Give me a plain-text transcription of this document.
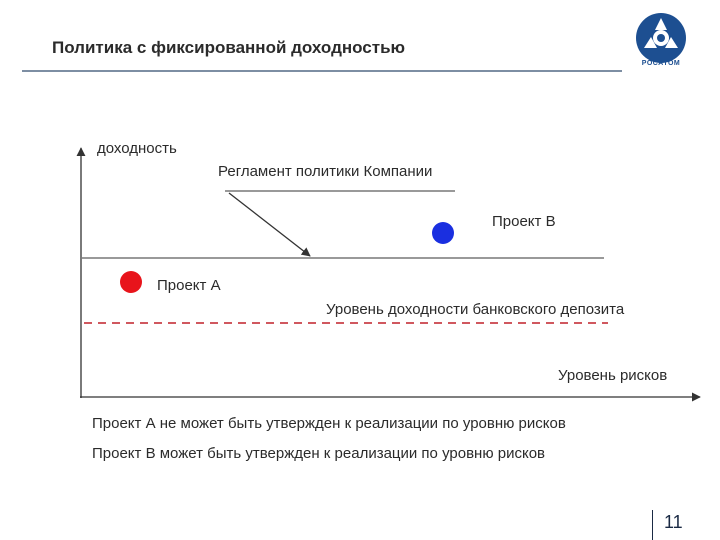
Политика с фиксированной доходностью
РОСАТОМ
доходность
Регламент политики Компании
Проект В
Проект А
Уровень доходности банковского депозита
Уровень рисков
Проект А не может быть утвержден к реализации по уровню рисков
Проект В может быть утвержден к реализации по уровню рисков
11
